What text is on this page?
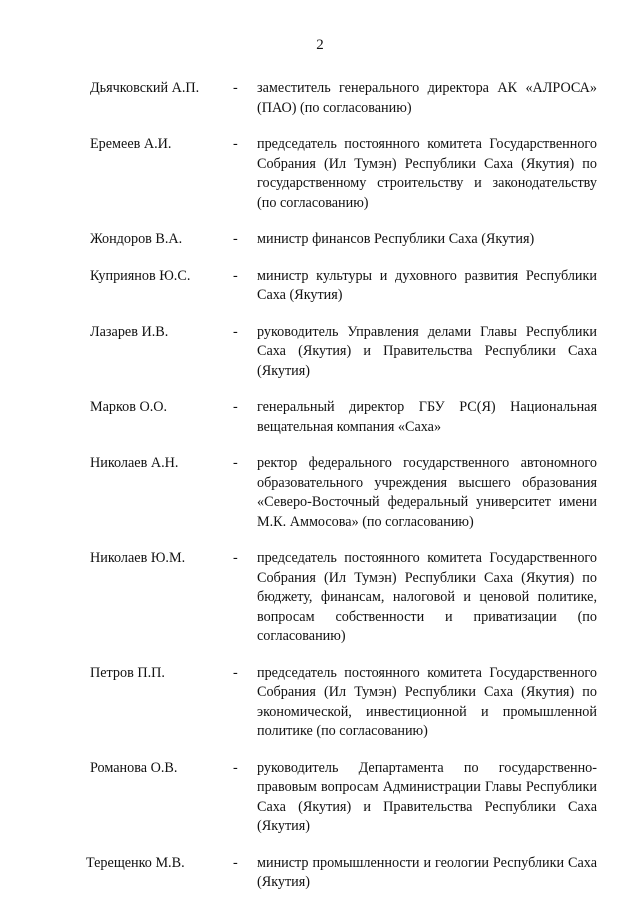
2
Дьячковский А.П. - заместитель генерального директора АК «АЛРОСА» (ПАО) (по согласованию)
Еремеев А.И.	- председатель постоянного комитета Государственного Собрания (Ил Тумэн) Республики Саха (Якутия) по государственному строительству и законодательству (по согласованию)
Жондоров В.А.	- министр финансов Республики Саха (Якутия)
Куприянов Ю.С.	- министр культуры и духовного развития Республики Саха (Якутия)
Лазарев И.В.	- руководитель Управления делами Главы Республики Саха (Якутия) и Правительства Республики Саха (Якутия)
Марков О.О.	- генеральный директор ГБУ РС(Я) Национальная вещательная компания «Саха»
Николаев А.Н.	- ректор федерального государственного автономного образовательного учреждения высшего образования «Северо-Восточный федеральный университет имени М.К. Аммосова» (по согласованию)
Николаев Ю.М.	- председатель постоянного комитета Государственного Собрания (Ил Тумэн) Республики Саха (Якутия) по бюджету, финансам, налоговой и ценовой политике, вопросам собственности и приватизации (по согласованию)
Петров П.П.	- председатель постоянного комитета Государственного Собрания (Ил Тумэн) Республики Саха (Якутия) по экономической, инвестиционной и промышленной политике (по согласованию)
Романова О.В.	- руководитель Департамента по государственно-правовым вопросам Администрации Главы Республики Саха (Якутия) и Правительства Республики Саха (Якутия)
Терещенко М.В.	- министр промышленности и геологии Республики Саха (Якутия)
